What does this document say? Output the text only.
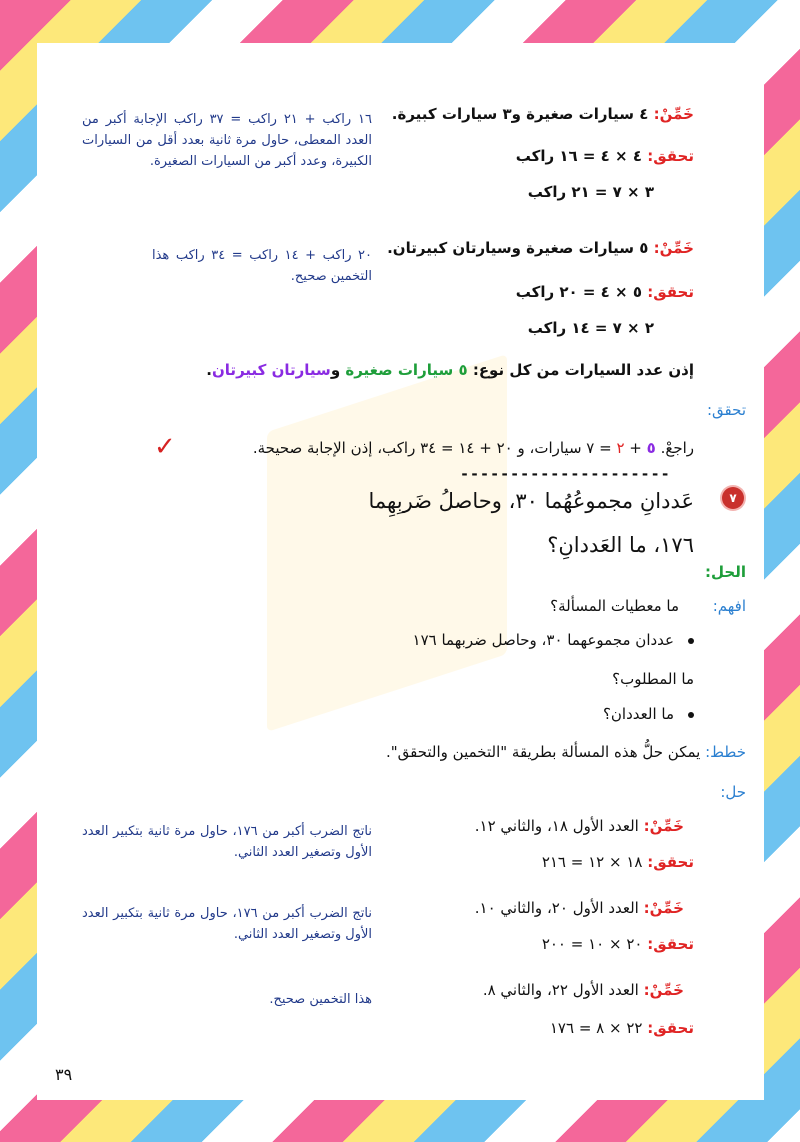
خَمِّنْ: ٤ سيارات صغيرة و٣ سيارات كبيرة.
تحقق: ٤ × ٤ = ١٦ راكب
٣ × ٧ = ٢١ راكب
١٦ راكب + ٢١ راكب = ٣٧ راكب الإجابة أكبر من العدد المعطى، حاول مرة ثانية بعدد أقل من السيارات الكبيرة، وعدد أكبر من السيارات الصغيرة.
خَمِّنْ: ٥ سيارات صغيرة وسيارتان كبيرتان.
تحقق: ٥ × ٤ = ٢٠ راكب
٢ × ٧ = ١٤ راكب
٢٠ راكب + ١٤ راكب = ٣٤ راكب هذا التخمين صحيح.
إذن عدد السيارات من كل نوع: ٥ سيارات صغيرة وسيارتان كبيرتان.
تحقق:
راجعْ. ٥ + ٢ = ٧ سيارات، و ٢٠ + ١٤ = ٣٤ راكب، إذن الإجابة صحيحة.
✓
---------------------
٧
عَددانِ مجموعُهُما ٣٠، وحاصلُ ضَربِهِما
١٧٦، ما العَددانِ؟
الحل:
افهم:
ما معطيات المسألة؟
عددان مجموعهما ٣٠، وحاصل ضربهما ١٧٦
ما المطلوب؟
ما العددان؟
خطط: يمكن حلُّ هذه المسألة بطريقة "التخمين والتحقق".
حل:
خَمِّنْ: العدد الأول ١٨، والثاني ١٢.
تحقق: ١٨ × ١٢ = ٢١٦
ناتج الضرب أكبر من ١٧٦، حاول مرة ثانية بتكبير العدد الأول وتصغير العدد الثاني.
خَمِّنْ: العدد الأول ٢٠، والثاني ١٠.
تحقق: ٢٠ × ١٠ = ٢٠٠
ناتج الضرب أكبر من ١٧٦، حاول مرة ثانية بتكبير العدد الأول وتصغير العدد الثاني.
خَمِّنْ: العدد الأول ٢٢، والثاني ٨.
تحقق: ٢٢ × ٨ = ١٧٦
هذا التخمين صحيح.
٣٩
